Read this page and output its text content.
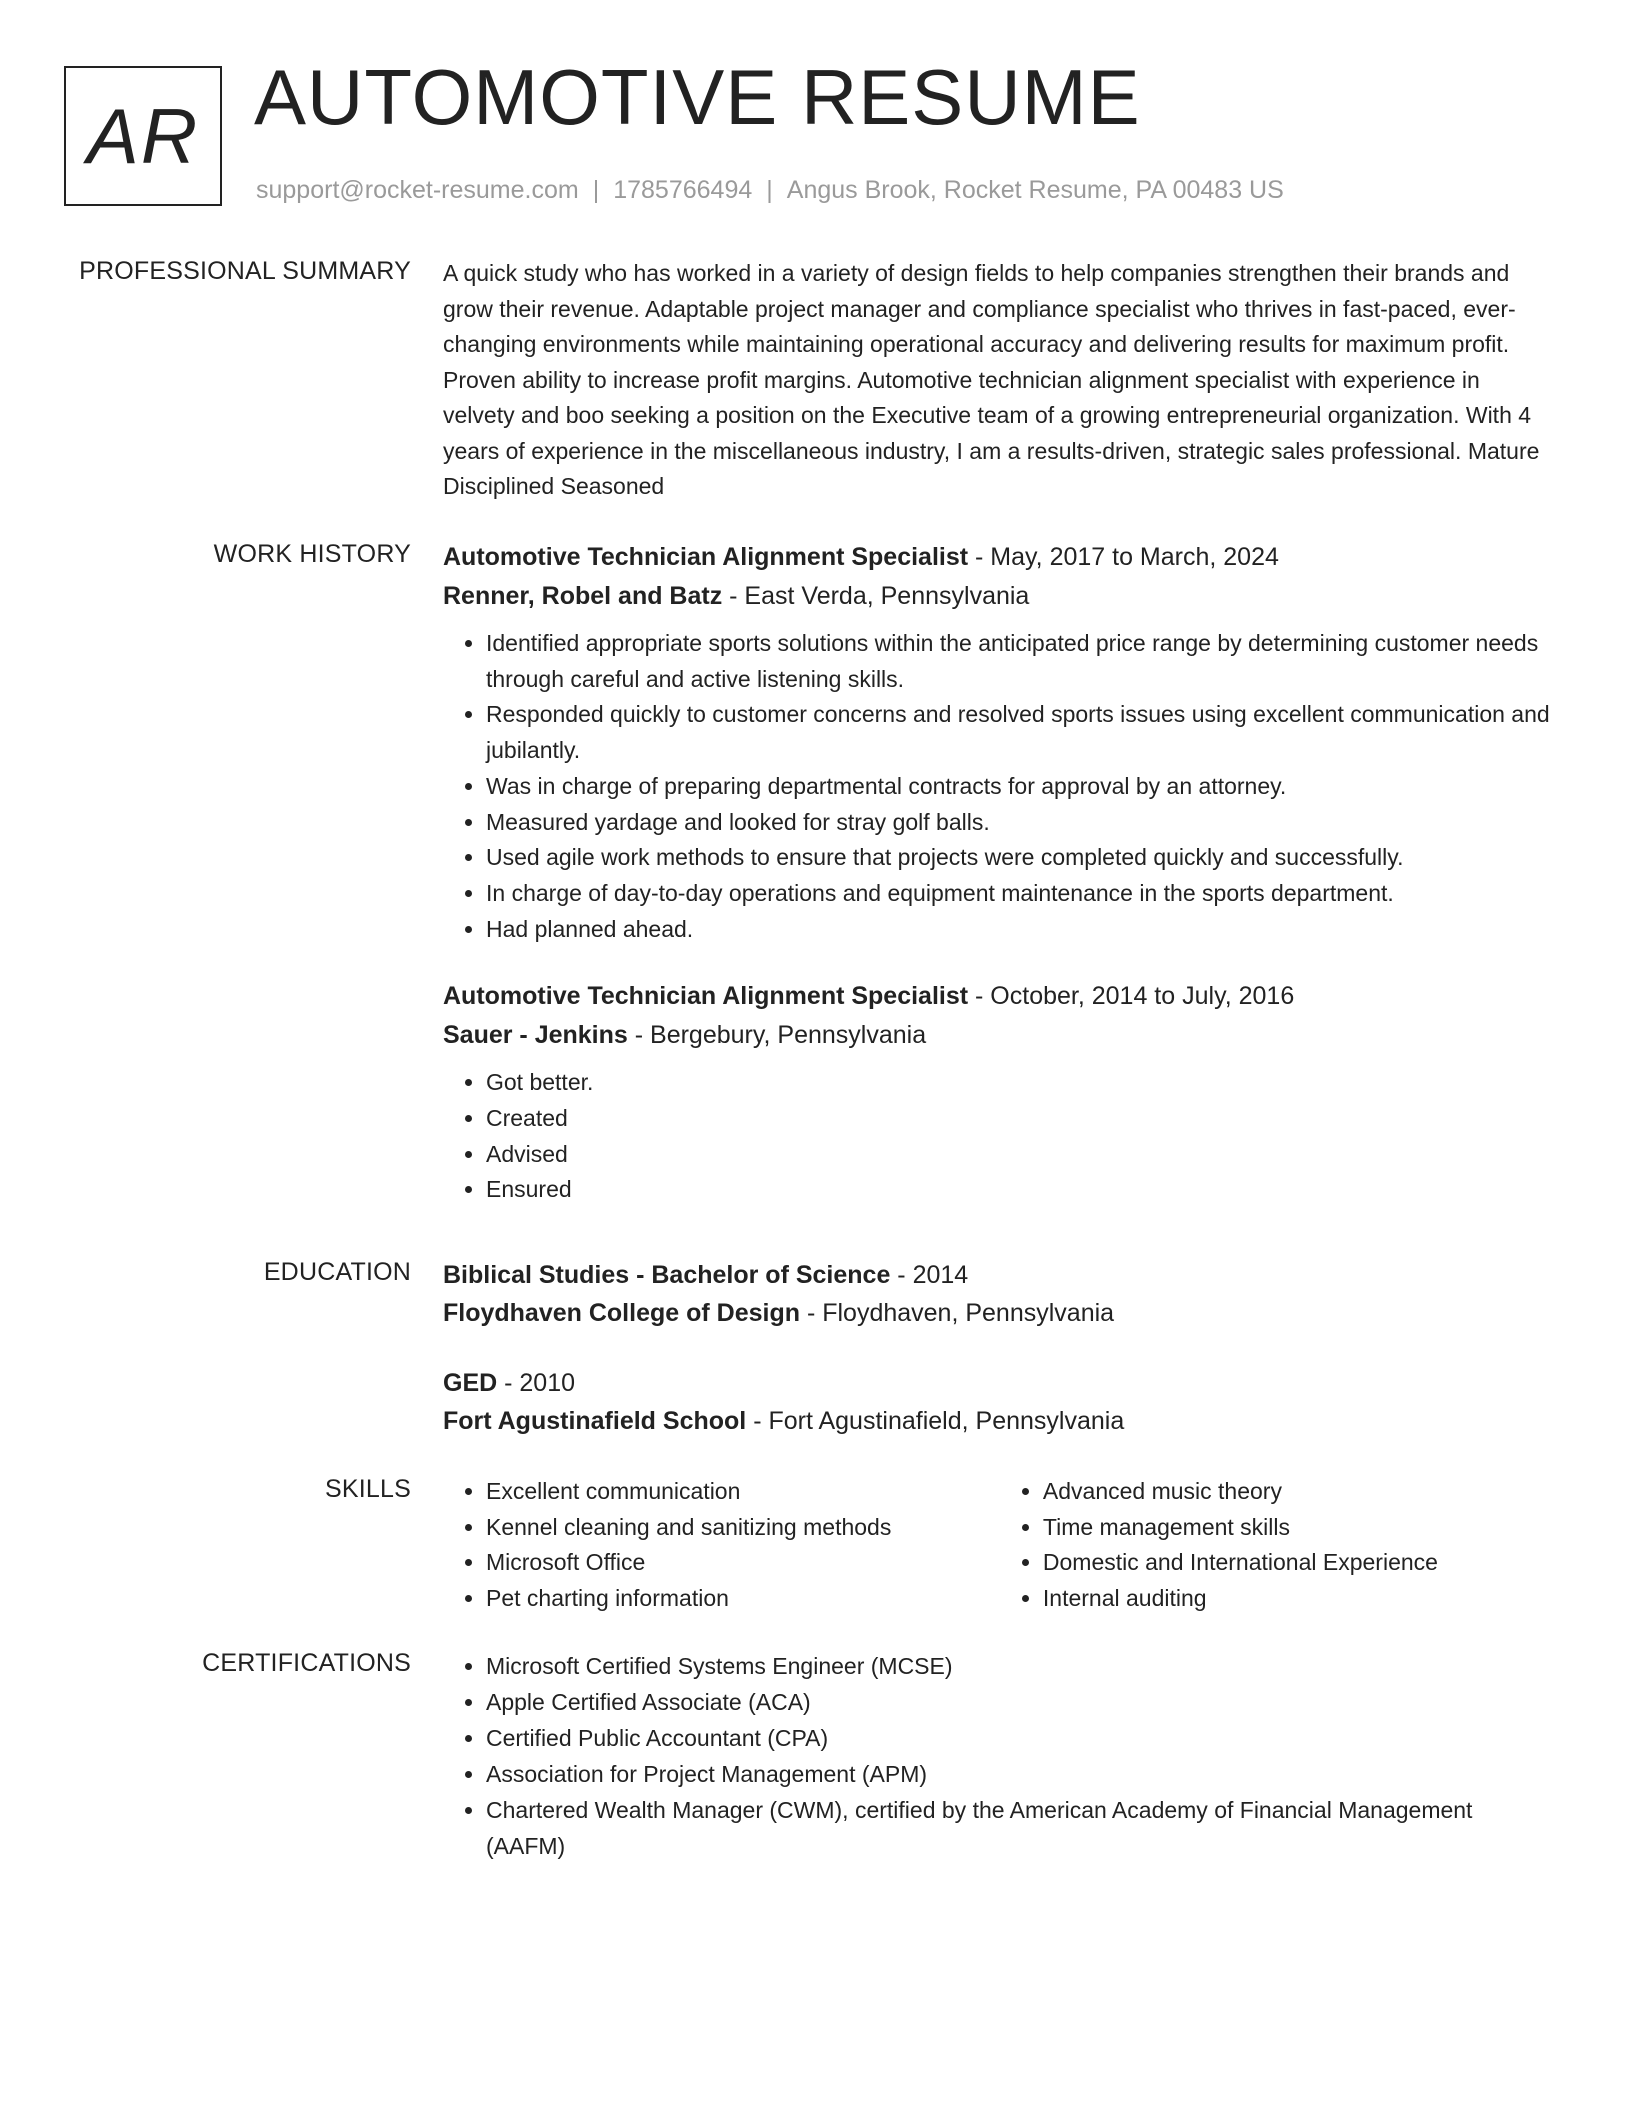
AR AUTOMOTIVE RESUME
support@rocket-resume.com | 1785766494 | Angus Brook, Rocket Resume, PA 00483 US
PROFESSIONAL SUMMARY A quick study who has worked in a variety of design fields to help companies strengthen their brands and grow their revenue. Adaptable project manager and compliance specialist who thrives in fast-paced, ever-changing environments while maintaining operational accuracy and delivering results for maximum profit. Proven ability to increase profit margins. Automotive technician alignment specialist with experience in velvety and boo seeking a position on the Executive team of a growing entrepreneurial organization. With 4 years of experience in the miscellaneous industry, I am a results-driven, strategic sales professional. Mature Disciplined Seasoned

WORK HISTORY Automotive Technician Alignment Specialist - May, 2017 to March, 2024
Renner, Robel and Batz - East Verda, Pennsylvania
• Identified appropriate sports solutions within the anticipated price range by determining customer needs through careful and active listening skills.
• Responded quickly to customer concerns and resolved sports issues using excellent communication and jubilantly.
• Was in charge of preparing departmental contracts for approval by an attorney.
• Measured yardage and looked for stray golf balls.
• Used agile work methods to ensure that projects were completed quickly and successfully.
• In charge of day-to-day operations and equipment maintenance in the sports department.
• Had planned ahead.
Automotive Technician Alignment Specialist - October, 2014 to July, 2016
Sauer - Jenkins - Bergebury, Pennsylvania
• Got better.
• Created
• Advised
• Ensured
EDUCATION Biblical Studies - Bachelor of Science - 2014
Floydhaven College of Design - Floydhaven, Pennsylvania
GED - 2010
Fort Agustinafield School - Fort Agustinafield, Pennsylvania
SKILLS	• Excellent communication
• Kennel cleaning and sanitizing methods
• Microsoft Office
• Pet charting information
• Advanced music theory
• Time management skills
• Domestic and International Experience
• Internal auditing
CERTIFICATIONS	• Microsoft Certified Systems Engineer (MCSE)
• Apple Certified Associate (ACA)
• Certified Public Accountant (CPA)
• Association for Project Management (APM)
• Chartered Wealth Manager (CWM), certified by the American Academy of Financial Management (AAFM)
